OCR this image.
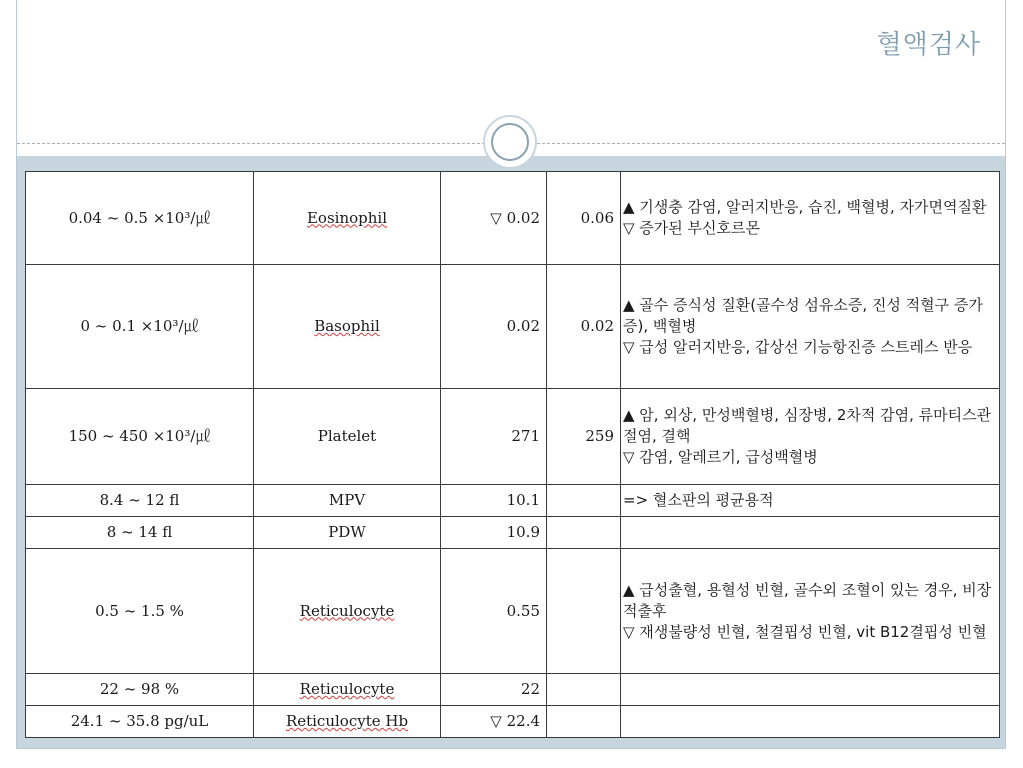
혈액검사
0.04 ~ 0.5 ×10³/㎕	Eosinophil	▽ 0.02	0.06	▲ 기생충 감염, 알러지반응, 습진, 백혈병, 자가면역질환
▽ 증가된 부신호르몬

0 ~ 0.1 ×10³/㎕	Basophil	0.02	0.02	▲ 골수 증식성 질환(골수성 섬유소증, 진성 적혈구 증가증), 백혈병
▽ 급성 알러지반응, 갑상선 기능항진증 스트레스 반응

150 ~ 450 ×10³/㎕	Platelet	271	259	▲ 암, 외상, 만성백혈병, 심장병, 2차적 감염, 류마티스관절염, 결핵
▽ 감염, 알레르기, 급성백혈병

8.4 ~ 12 fl	MPV	10.1		=> 혈소판의 평균용적

8 ~ 14 fl	PDW	10.9		
0.5 ~ 1.5 %	Reticulocyte	0.55		▲ 급성출혈, 용혈성 빈혈, 골수외 조혈이 있는 경우, 비장 적출후
▽ 재생불량성 빈혈, 철결핍성 빈혈, vit B12결핍성 빈혈

22 ~ 98 %	Reticulocyte	22		
24.1 ~ 35.8 pg/uL	Reticulocyte Hb	▽ 22.4		
